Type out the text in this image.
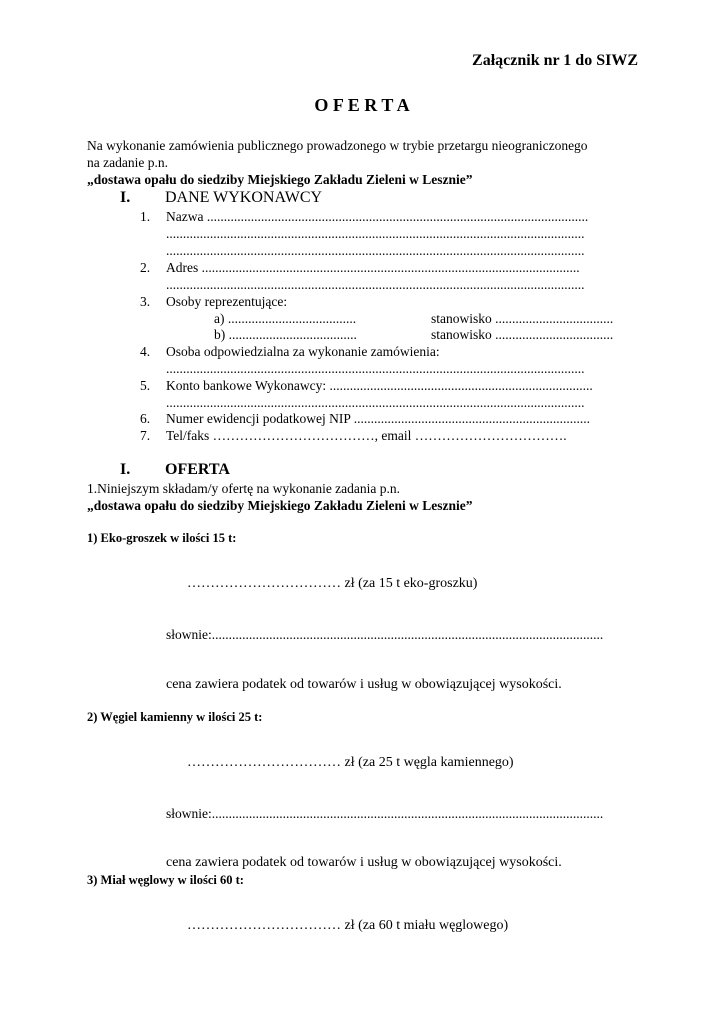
Załącznik nr 1 do SIWZ
O F E R T A
Na wykonanie zamówienia publicznego prowadzonego w trybie przetargu nieograniczonego
na zadanie p.n.
„dostawa opału do siedziby Miejskiego Zakładu Zieleni w Lesznie”
I. DANE WYKONAWCY
1.	Nazwa .................................................................................................................
............................................................................................................................
............................................................................................................................
2.	Adres ................................................................................................................
............................................................................................................................
3.	Osoby reprezentujące:
a) ......................................	stanowisko ...................................
b) ......................................	stanowisko ...................................
4.	Osoba odpowiedzialna za wykonanie zamówienia:
............................................................................................................................
5.	Konto bankowe Wykonawcy: ..............................................................................
............................................................................................................................
6.	Numer ewidencji podatkowej NIP ......................................................................
7.	Tel/faks ………………………………, email …………………………….
I. OFERTA
1.Niniejszym składam/y ofertę na wykonanie zadania p.n.
„dostawa opału do siedziby Miejskiego Zakładu Zieleni w Lesznie”
1) Eko-groszek w ilości 15 t:
…………………………… zł (za 15 t eko-groszku)
słownie:....................................................................................................................
cena zawiera podatek od towarów i usług w obowiązującej wysokości.
2) Węgiel kamienny w ilości 25 t:
…………………………… zł (za 25 t węgla kamiennego)
słownie:....................................................................................................................
cena zawiera podatek od towarów i usług w obowiązującej wysokości.
3) Miał węglowy w ilości 60 t:
…………………………… zł (za 60 t miału węglowego)
